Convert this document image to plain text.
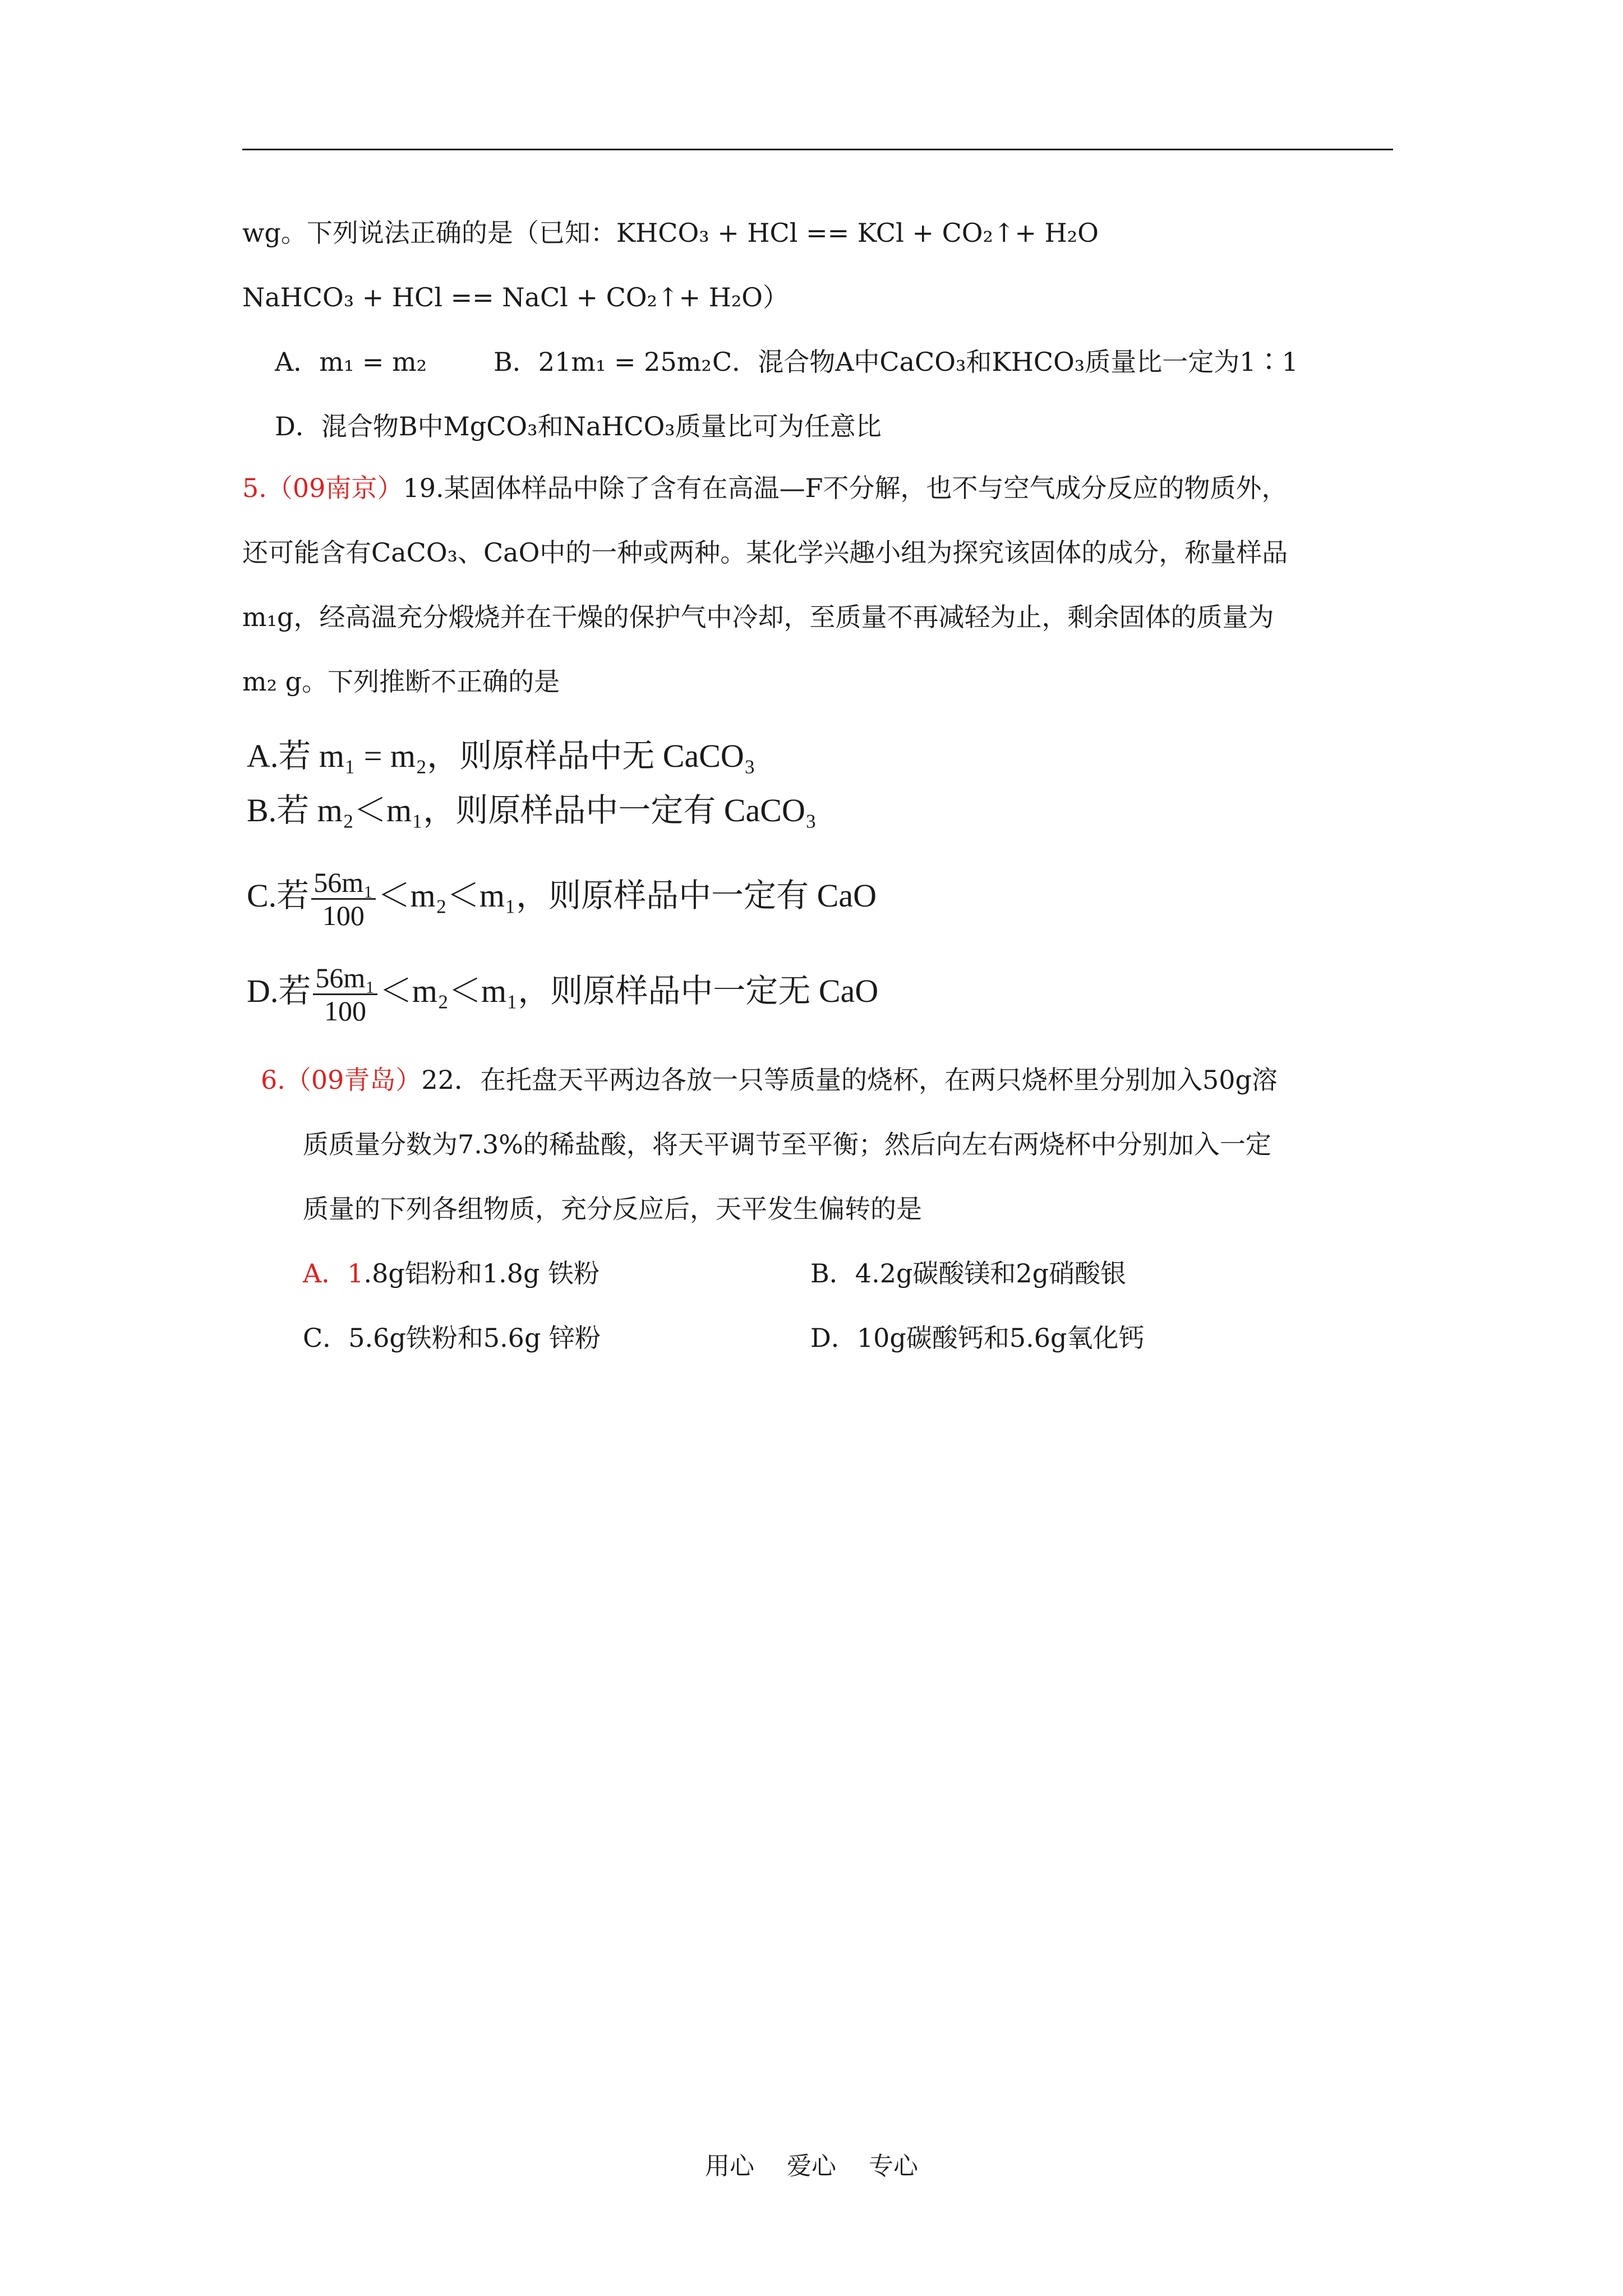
wg。下列说法正确的是（已知：KHCO₃ + HCl == KCl + CO₂↑+ H₂O
NaHCO₃ + HCl == NaCl + CO₂↑+ H₂O）
A．m₁ = m₂	B．21m₁ = 25m₂ C．混合物A中CaCO₃和KHCO₃质量比一定为1∶1
D．混合物B中MgCO₃和NaHCO₃质量比可为任意比
5.（09南京）19.某固体样品中除了含有在高温—F不分解，也不与空气成分反应的物质外，
还可能含有CaCO₃、CaO中的一种或两种。某化学兴趣小组为探究该固体的成分，称量样品
m₁g，经高温充分煅烧并在干燥的保护气中冷却，至质量不再减轻为止，剩余固体的质量为
m₂ g。下列推断不正确的是
A.若 m₁ = m₂，则原样品中无 CaCO₃
B.若 m₂＜m₁，则原样品中一定有 CaCO₃
C.若 $\frac{\text{56m₁}}{100} <m_2<m_1$，则原样品中一定有 CaO
D.若 $\frac{\text{56m₁}}{100} <m_2<m_1$，则原样品中一定无 CaO
6.（09青岛）22．在托盘天平两边各放一只等质量的烧杯，在两只烧杯里分别加入50g溶
质质量分数为7.3%的稀盐酸，将天平调节至平衡；然后向左右两烧杯中分别加入一定
质量的下列各组物质，充分反应后，天平发生偏转的是
A．1.8g铝粉和1.8g 铁粉	B．4.2g碳酸镁和2g硝酸银
C．5.6g铁粉和5.6g 锌粉	D．10g碳酸钙和5.6g氧化钙
用心　 爱心　 专心
